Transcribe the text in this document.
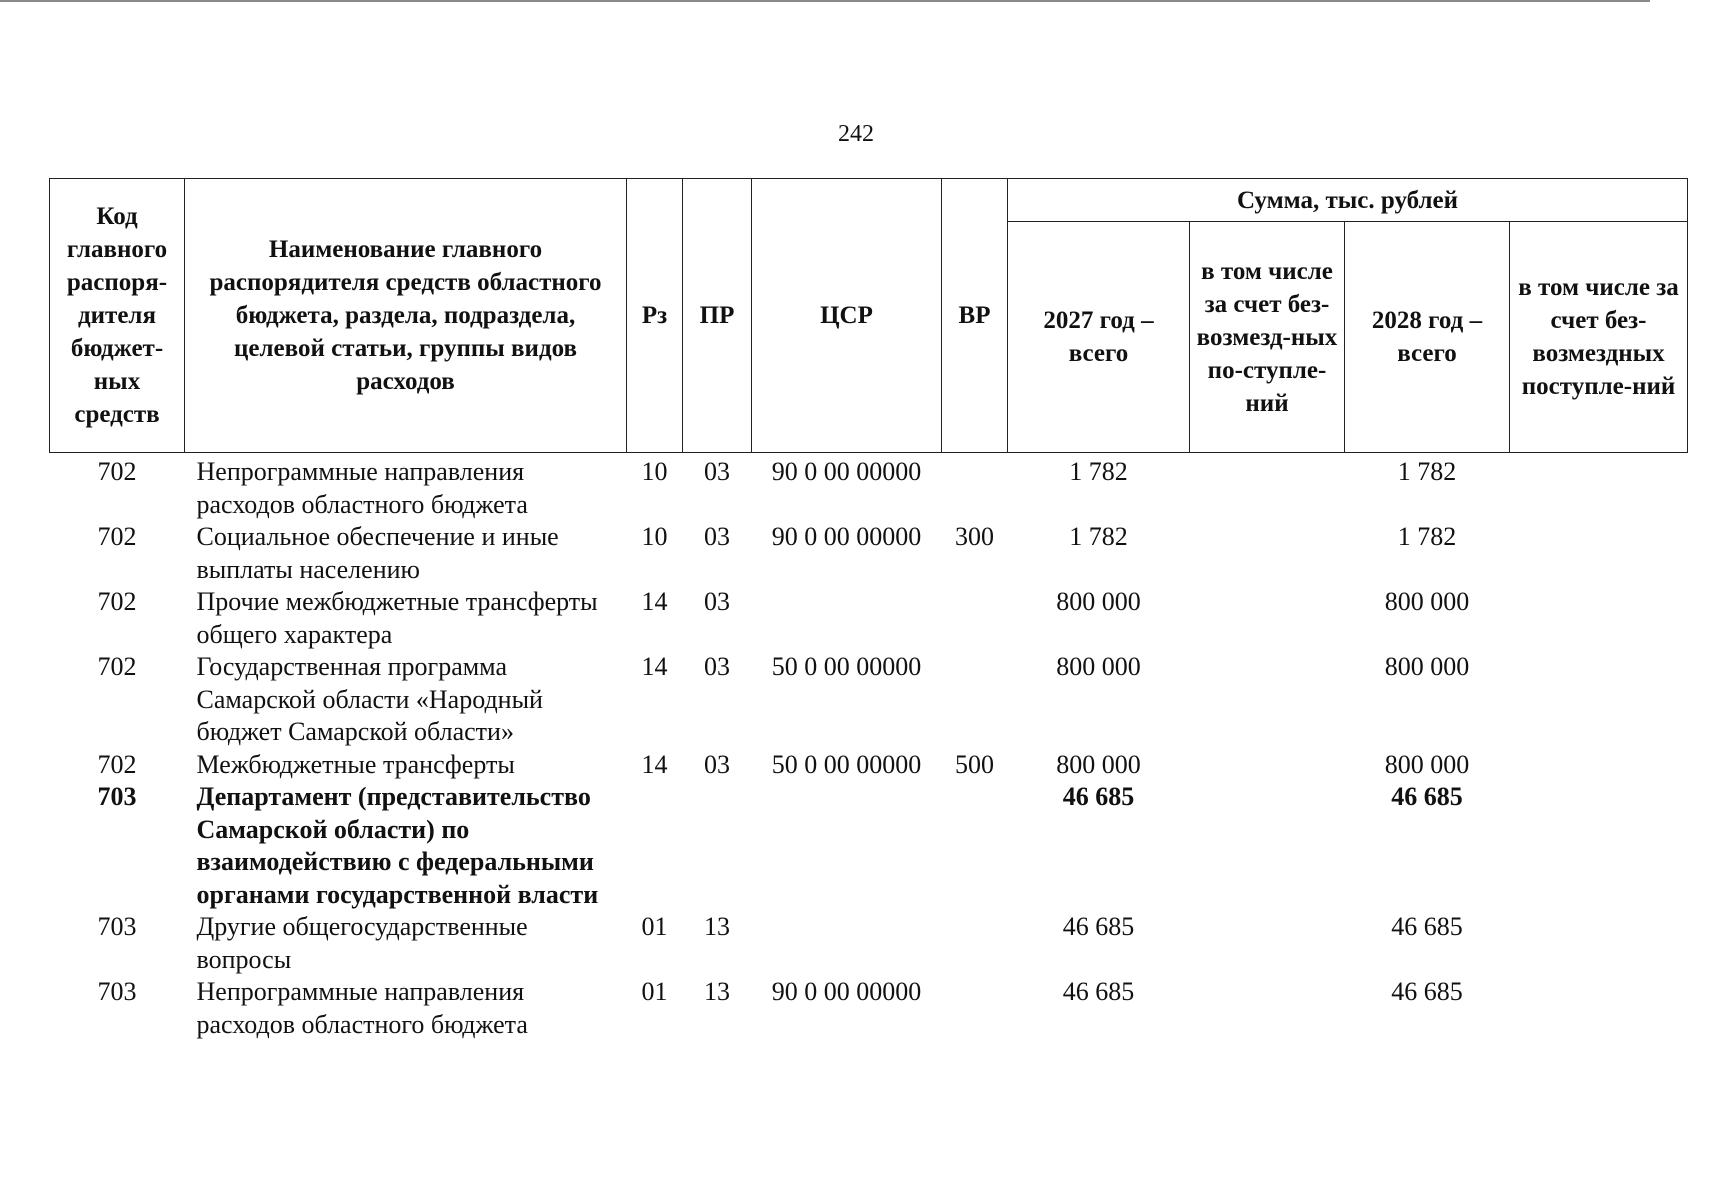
242
Код главного распоря-дителя бюджет-ных средств	Наименование главного распорядителя средств областного бюджета, раздела, подраздела, целевой статьи, группы видов расходов	Рз	ПР	ЦСР	ВР	Сумма, тыс. рублей			
						2027 год – всего	в том числе за счет без-возмезд-ных по-ступле-ний	2028 год – всего	в том числе за счет без-возмездных поступле-ний
702	Непрограммные направления расходов областного бюджета	10	03	90 0 00 00000		1 782		1 782	
702	Социальное обеспечение и иные выплаты населению	10	03	90 0 00 00000	300	1 782		1 782	
702	Прочие межбюджетные трансферты общего характера	14	03			800 000		800 000	
702	Государственная программа Самарской области «Народный бюджет Самарской области»	14	03	50 0 00 00000		800 000		800 000	
702	Межбюджетные трансферты	14	03	50 0 00 00000	500	800 000		800 000	
703	Департамент (представительство Самарской области) по взаимодействию с федеральными органами государственной власти					46 685		46 685	
703	Другие общегосударственные вопросы	01	13			46 685		46 685	
703	Непрограммные направления расходов областного бюджета	01	13	90 0 00 00000		46 685		46 685	
